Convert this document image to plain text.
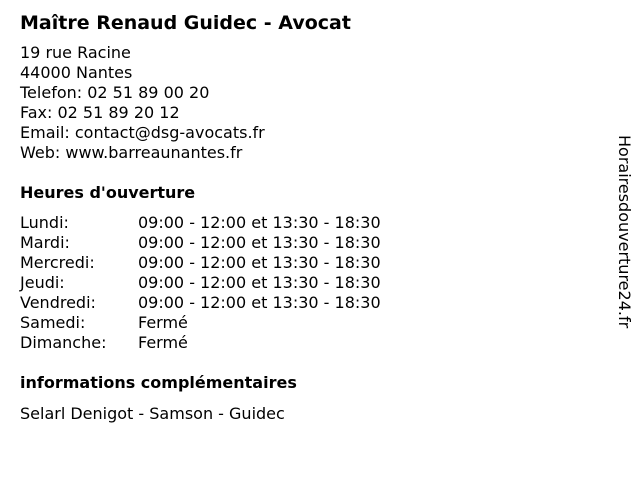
Maître Renaud Guidec - Avocat
19 rue Racine
44000 Nantes
Telefon: 02 51 89 00 20
Fax: 02 51 89 20 12
Email: contact@dsg-avocats.fr
Web: www.barreaunantes.fr
Heures d'ouverture
Lundi:	09:00 - 12:00 et 13:30 - 18:30
Mardi:	09:00 - 12:00 et 13:30 - 18:30
Mercredi:	09:00 - 12:00 et 13:30 - 18:30
Jeudi:	09:00 - 12:00 et 13:30 - 18:30
Vendredi:	09:00 - 12:00 et 13:30 - 18:30
Samedi:	Fermé
Dimanche: Fermé
informations complémentaires
Selarl Denigot - Samson - Guidec
Horairesdouverture24.fr
